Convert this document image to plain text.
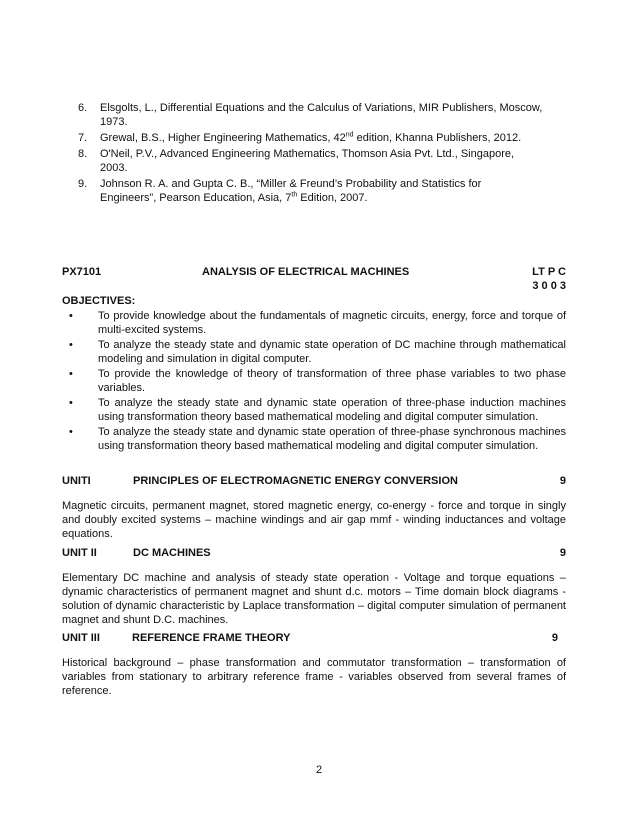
6. Elsgolts, L., Differential Equations and the Calculus of Variations, MIR Publishers, Moscow,
1973.
7. Grewal, B.S., Higher Engineering Mathematics, 42nd edition, Khanna Publishers, 2012.
8. O'Neil, P.V., Advanced Engineering Mathematics, Thomson Asia Pvt. Ltd., Singapore,
2003.
9. Johnson R. A. and Gupta C. B., “Miller & Freund’s Probability and Statistics for
Engineers”, Pearson Education, Asia, 7th Edition, 2007.
PX7101	ANALYSIS OF ELECTRICAL MACHINES	LT P C
3 0 0 3
OBJECTIVES:
• To provide knowledge about the fundamentals of magnetic circuits, energy, force and torque of multi-excited systems.
• To analyze the steady state and dynamic state operation of DC machine through mathematical modeling and simulation in digital computer.
• To provide the knowledge of theory of transformation of three phase variables to two phase variables.
• To analyze the steady state and dynamic state operation of three-phase induction machines using transformation theory based mathematical modeling and digital computer simulation.
• To analyze the steady state and dynamic state operation of three-phase synchronous machines using transformation theory based mathematical modeling and digital computer simulation.
UNITI	PRINCIPLES OF ELECTROMAGNETIC ENERGY CONVERSION	9
Magnetic circuits, permanent magnet, stored magnetic energy, co-energy - force and torque in singly and doubly excited systems – machine windings and air gap mmf - winding inductances and voltage equations.
UNIT II	DC MACHINES	9
Elementary DC machine and analysis of steady state operation - Voltage and torque equations – dynamic characteristics of permanent magnet and shunt d.c. motors – Time domain block diagrams - solution of dynamic characteristic by Laplace transformation – digital computer simulation of permanent magnet and shunt D.C. machines.
UNIT III	REFERENCE FRAME THEORY	9
Historical background – phase transformation and commutator transformation – transformation of variables from stationary to arbitrary reference frame - variables observed from several frames of reference.
2
